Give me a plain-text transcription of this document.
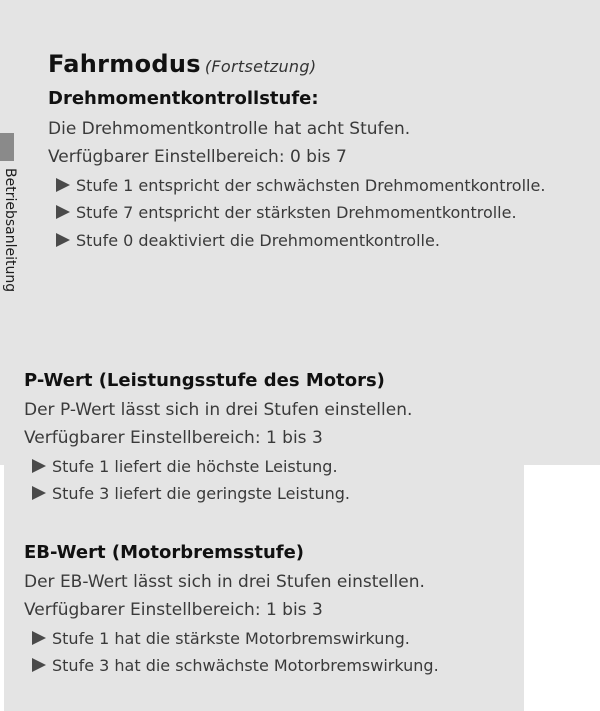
Betriebsanleitung
Fahrmodus (Fortsetzung)
Drehmomentkontrollstufe:
Die Drehmomentkontrolle hat acht Stufen.
Verfügbarer Einstellbereich: 0 bis 7
Stufe 1 entspricht der schwächsten Drehmomentkontrolle.
Stufe 7 entspricht der stärksten Drehmomentkontrolle.
Stufe 0 deaktiviert die Drehmomentkontrolle.
P-Wert (Leistungsstufe des Motors)
Der P-Wert lässt sich in drei Stufen einstellen.
Verfügbarer Einstellbereich: 1 bis 3
Stufe 1 liefert die höchste Leistung.
Stufe 3 liefert die geringste Leistung.
EB-Wert (Motorbremsstufe)
Der EB-Wert lässt sich in drei Stufen einstellen.
Verfügbarer Einstellbereich: 1 bis 3
Stufe 1 hat die stärkste Motorbremswirkung.
Stufe 3 hat die schwächste Motorbremswirkung.
